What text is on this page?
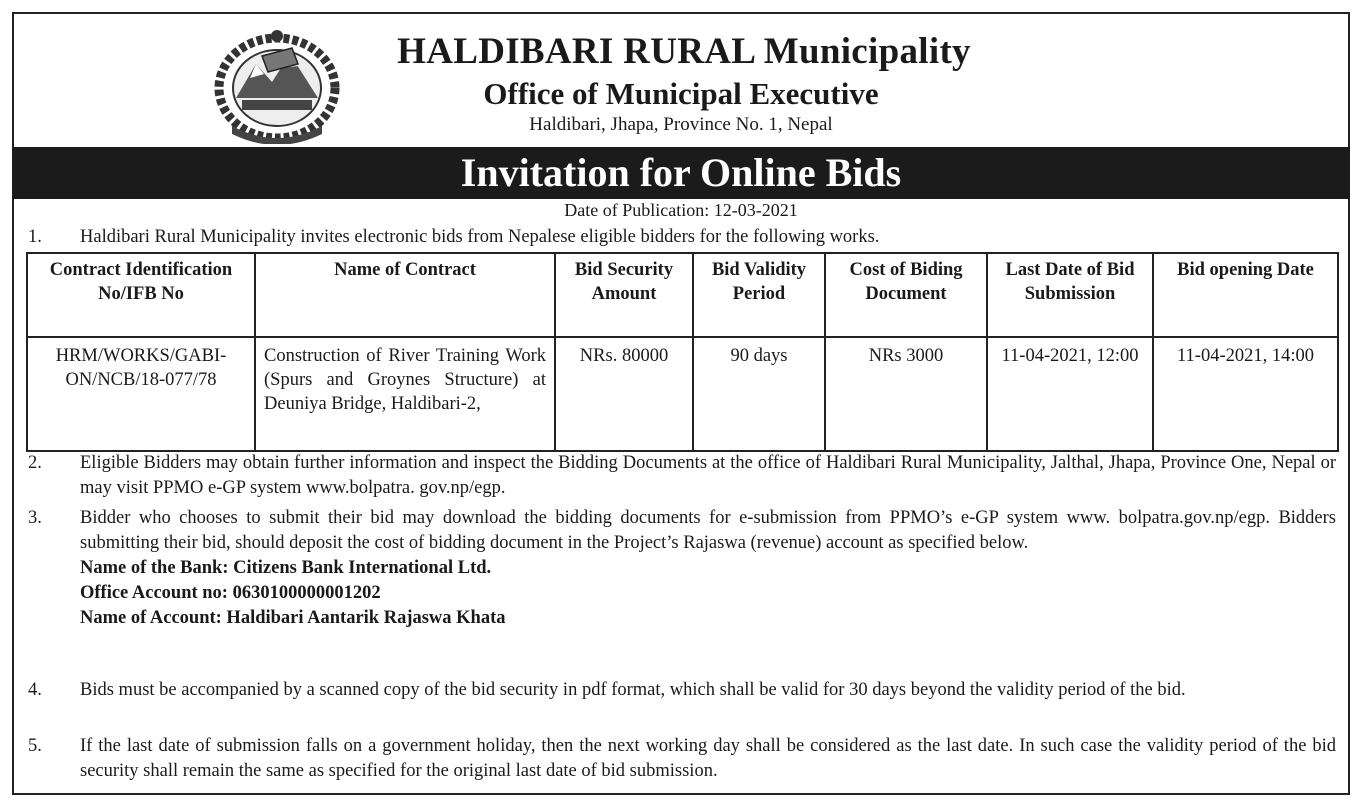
HALDIBARI RURAL Municipality
Office of Municipal Executive
Haldibari, Jhapa, Province No. 1, Nepal
Invitation for Online Bids
Date of Publication: 12-03-2021
1.	Haldibari Rural Municipality invites electronic bids from Nepalese eligible bidders for the following works.
Contract Identification No/IFB No	Name of Contract	Bid Security Amount	Bid Validity Period	Cost of Biding Document	Last Date of Bid Submission	Bid opening Date
HRM/WORKS/GABI-ON/NCB/18-077/78	Construction of River Training Work (Spurs and Groynes Structure) at Deuniya Bridge, Haldibari-2,	NRs. 80000	90 days	NRs 3000	11-04-2021, 12:00	11-04-2021, 14:00
2.	Eligible Bidders may obtain further information and inspect the Bidding Documents at the office of Haldibari Rural Municipality, Jalthal, Jhapa, Province One, Nepal or may visit PPMO e-GP system www.bolpatra. gov.np/egp.
3.	Bidder who chooses to submit their bid may download the bidding documents for e-submission from PPMO’s e-GP system www. bolpatra.gov.np/egp. Bidders submitting their bid, should deposit the cost of bidding document in the Project’s Rajaswa (revenue) account as specified below.
Name of the Bank: Citizens Bank International Ltd.
Office Account no: 0630100000001202
Name of Account: Haldibari Aantarik Rajaswa Khata
4.	Bids must be accompanied by a scanned copy of the bid security in pdf format, which shall be valid for 30 days beyond the validity period of the bid.
5.	If the last date of submission falls on a government holiday, then the next working day shall be considered as the last date. In such case the validity period of the bid security shall remain the same as specified for the original last date of bid submission.
